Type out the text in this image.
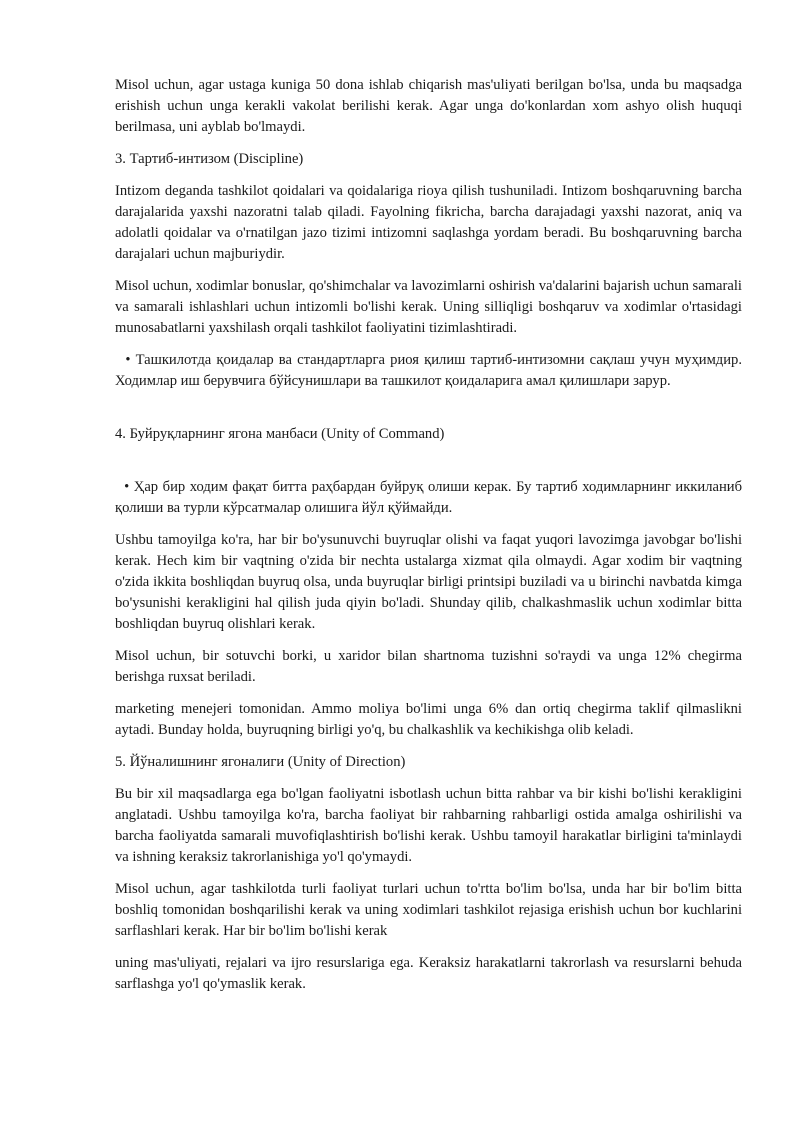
Misol uchun, agar ustaga kuniga 50 dona ishlab chiqarish mas'uliyati berilgan bo'lsa, unda bu maqsadga erishish uchun unga kerakli vakolat berilishi kerak. Agar unga do'konlardan xom ashyo olish huquqi berilmasa, uni ayblab bo'lmaydi.

3. Тартиб-интизом (Discipline)

Intizom deganda tashkilot qoidalari va qoidalariga rioya qilish tushuniladi. Intizom boshqaruvning barcha darajalarida yaxshi nazoratni talab qiladi. Fayolning fikricha, barcha darajadagi yaxshi nazorat, aniq va adolatli qoidalar va o'rnatilgan jazo tizimi intizomni saqlashga yordam beradi. Bu boshqaruvning barcha darajalari uchun majburiydir.

Misol uchun, xodimlar bonuslar, qo'shimchalar va lavozimlarni oshirish va'dalarini bajarish uchun samarali va samarali ishlashlari uchun intizomli bo'lishi kerak. Uning silliqligi boshqaruv va xodimlar o'rtasidagi munosabatlarni yaxshilash orqali tashkilot faoliyatini tizimlashtiradi.

• Ташкилотда қоидалар ва стандартларга риоя қилиш тартиб-интизомни сақлаш учун муҳимдир. Ходимлар иш берувчига бўйсунишлари ва ташкилот қоидаларига амал қилишлари зарур.

4. Буйруқларнинг ягона манбаси (Unity of Command)

• Ҳар бир ходим фақат битта раҳбардан буйруқ олиши керак. Бу тартиб ходимларнинг иккиланиб қолиши ва турли кўрсатмалар олишига йўл қўймайди.

Ushbu tamoyilga ko'ra, har bir bo'ysunuvchi buyruqlar olishi va faqat yuqori lavozimga javobgar bo'lishi kerak. Hech kim bir vaqtning o'zida bir nechta ustalarga xizmat qila olmaydi. Agar xodim bir vaqtning o'zida ikkita boshliqdan buyruq olsa, unda buyruqlar birligi printsipi buziladi va u birinchi navbatda kimga bo'ysunishi kerakligini hal qilish juda qiyin bo'ladi. Shunday qilib, chalkashmaslik uchun xodimlar bitta boshliqdan buyruq olishlari kerak.

Misol uchun, bir sotuvchi borki, u xaridor bilan shartnoma tuzishni so'raydi va unga 12% chegirma berishga ruxsat beriladi.

marketing menejeri tomonidan. Ammo moliya bo'limi unga 6% dan ortiq chegirma taklif qilmaslikni aytadi. Bunday holda, buyruqning birligi yo'q, bu chalkashlik va kechikishga olib keladi.

5. Йўналишнинг ягоналиги (Unity of Direction)

Bu bir xil maqsadlarga ega bo'lgan faoliyatni isbotlash uchun bitta rahbar va bir kishi bo'lishi kerakligini anglatadi. Ushbu tamoyilga ko'ra, barcha faoliyat bir rahbarning rahbarligi ostida amalga oshirilishi va barcha faoliyatda samarali muvofiqlashtirish bo'lishi kerak. Ushbu tamoyil harakatlar birligini ta'minlaydi va ishning keraksiz takrorlanishiga yo'l qo'ymaydi.

Misol uchun, agar tashkilotda turli faoliyat turlari uchun to'rtta bo'lim bo'lsa, unda har bir bo'lim bitta boshliq tomonidan boshqarilishi kerak va uning xodimlari tashkilot rejasiga erishish uchun bor kuchlarini sarflashlari kerak. Har bir bo'lim bo'lishi kerak

uning mas'uliyati, rejalari va ijro resurslariga ega. Keraksiz harakatlarni takrorlash va resurslarni behuda sarflashga yo'l qo'ymaslik kerak.
